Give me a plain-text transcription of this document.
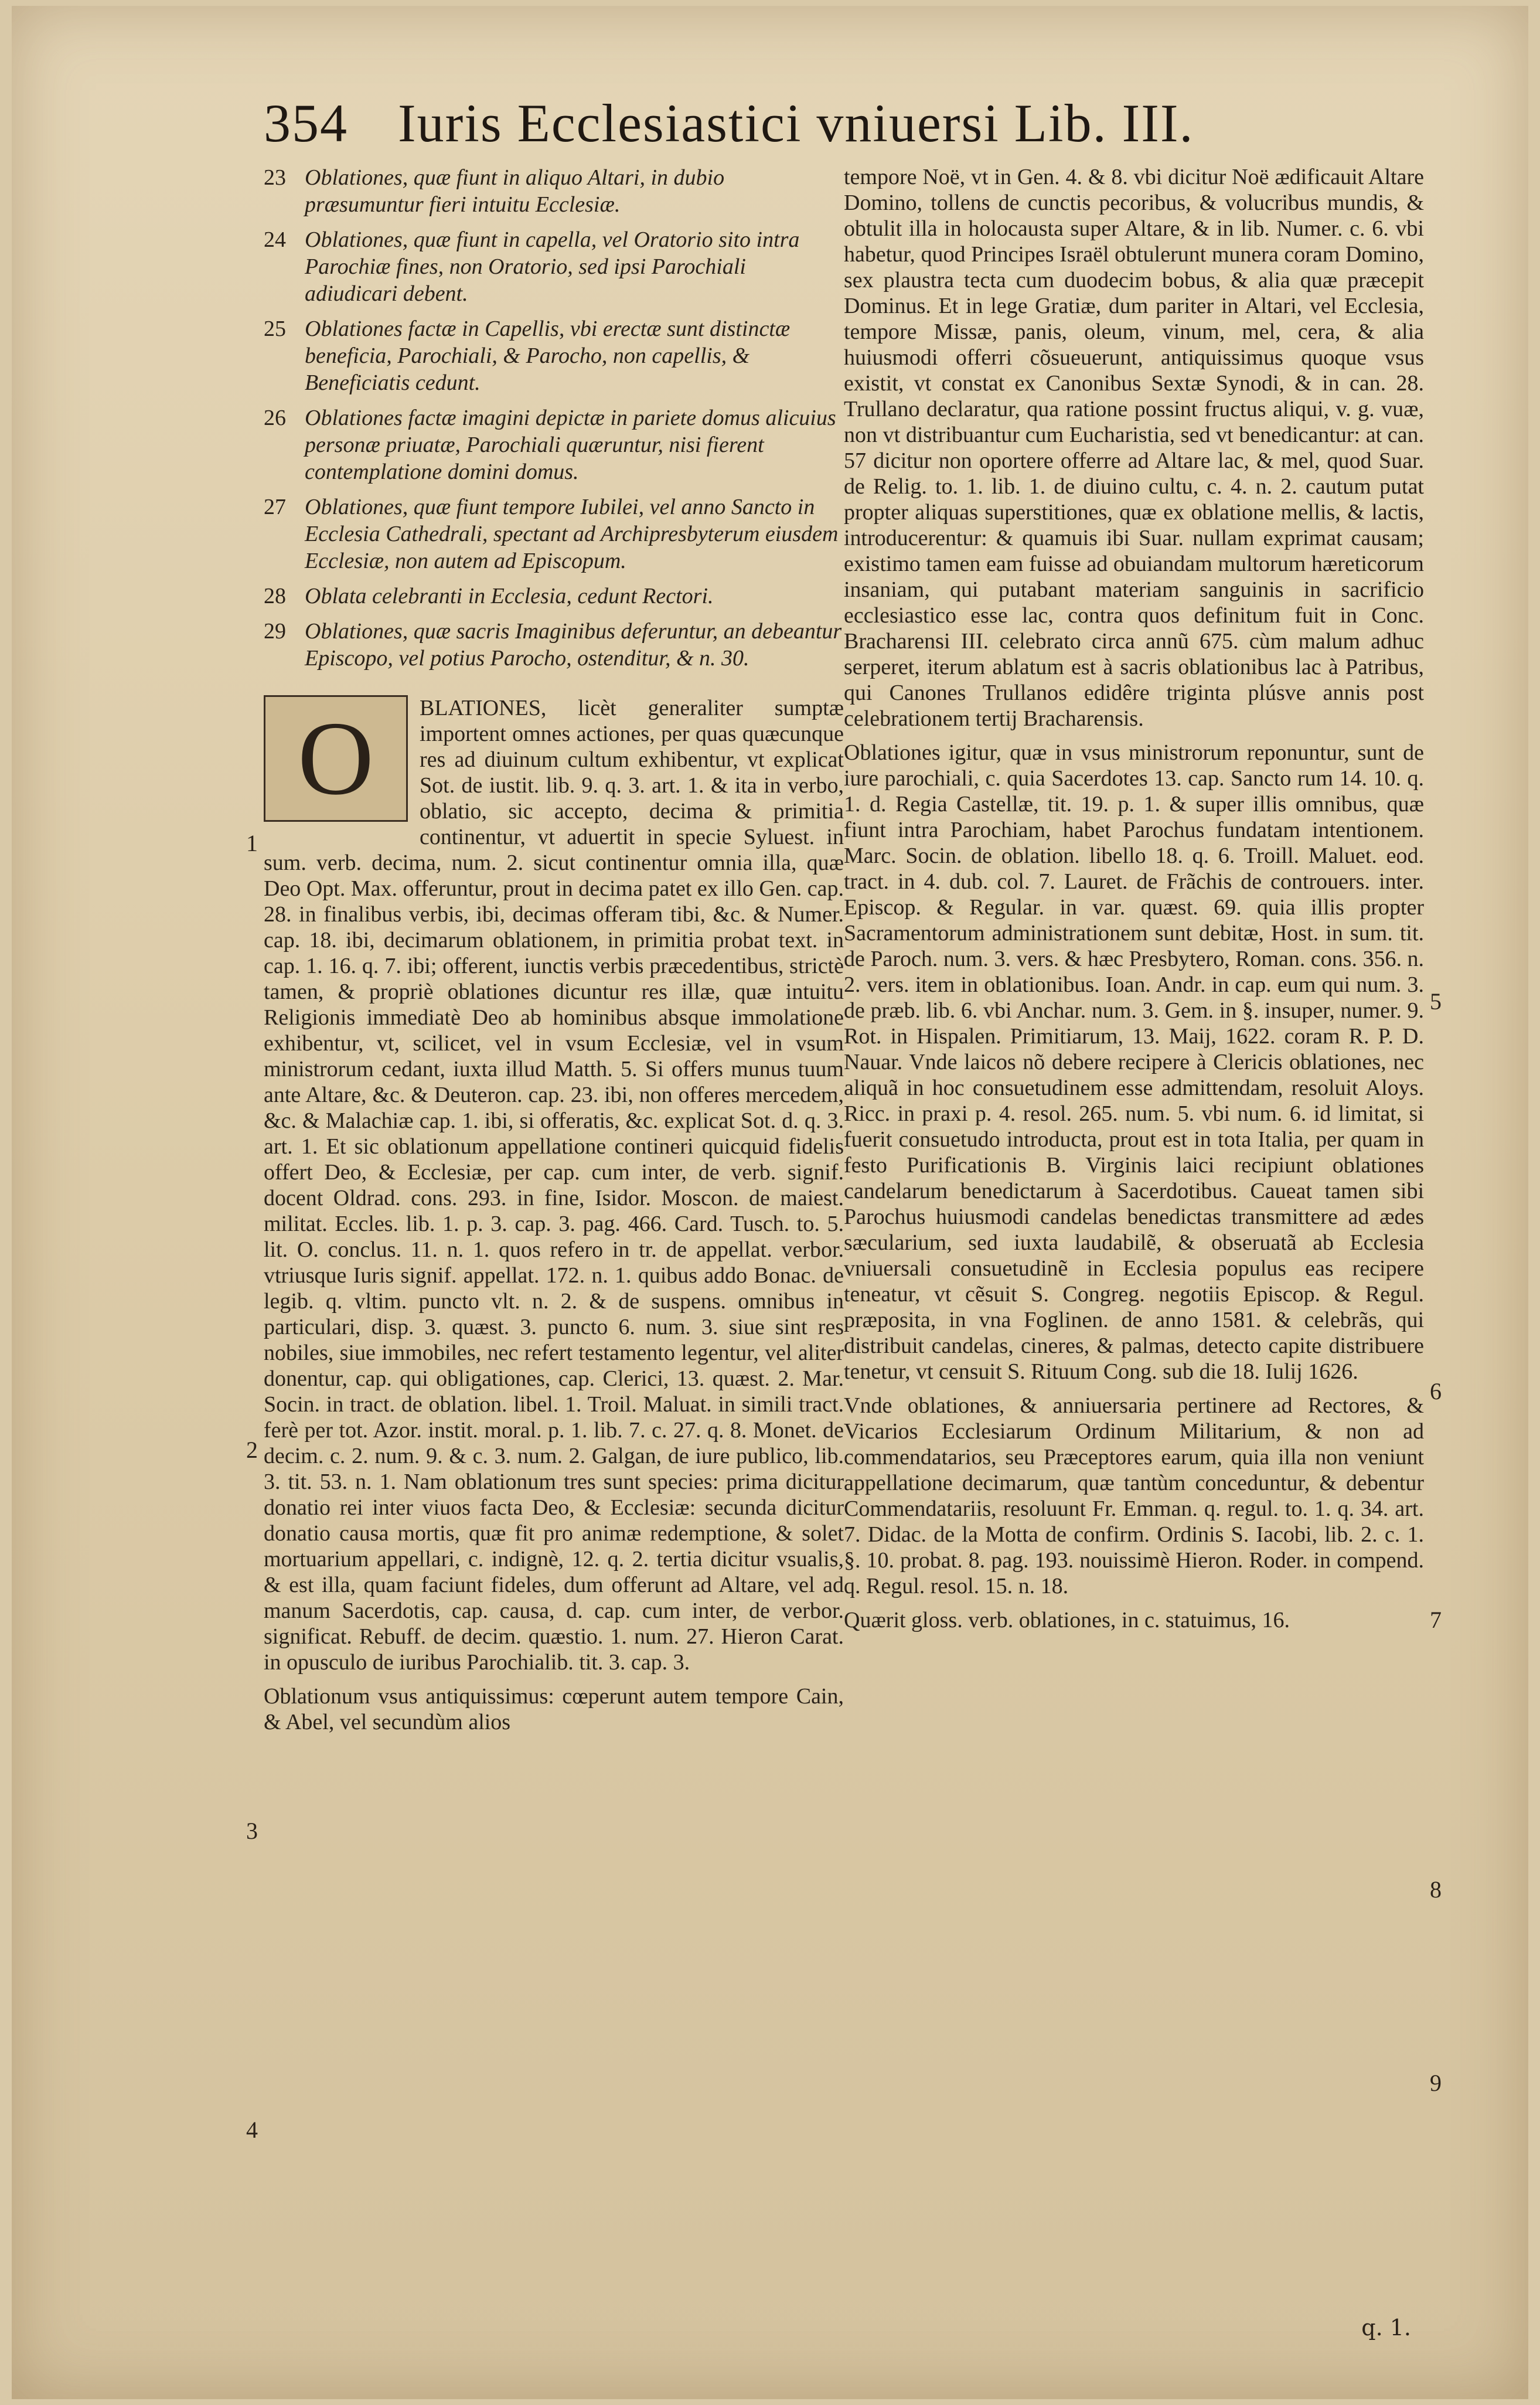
354 Iuris Ecclesiastici vniuersi Lib. III.
23 Oblationes, quæ fiunt in aliquo Altari, in dubio præsumuntur fieri intuitu Ecclesiæ.
24 Oblationes, quæ fiunt in capella, vel Oratorio sito intra Parochiæ fines, non Oratorio, sed ipsi Parochiali adiudicari debent.
25 Oblationes factæ in Capellis, vbi erectæ sunt distinctæ beneficia, Parochiali, & Parocho, non capellis, & Beneficiatis cedunt.
26 Oblationes factæ imagini depictæ in pariete domus alicuius personæ priuatæ, Parochiali quæruntur, nisi fierent contemplatione domini domus.
27 Oblationes, quæ fiunt tempore Iubilei, vel anno Sancto in Ecclesia Cathedrali, spectant ad Archipresbyterum eiusdem Ecclesiæ, non autem ad Episcopum.
28 Oblata celebranti in Ecclesia, cedunt Rectori.
29 Oblationes, quæ sacris Imaginibus deferuntur, an debeantur Episcopo, vel potius Parocho, ostenditur, & n. 30.
O	BLATIONES, licèt generaliter sumptæ importent omnes actiones, per quas quæcunque res ad diuinum cultum exhibentur, vt explicat Sot. de iustit. lib. 9. q. 3. art. 1. & ita in verbo, oblatio, sic accepto, decima & primitia continentur, vt aduertit in specie Syluest. in sum. verb. decima, num. 2. sicut continentur omnia illa, quæ Deo Opt. Max. offeruntur, prout in decima patet ex illo Gen. cap. 28. in finalibus verbis, ibi, decimas offeram tibi, &c. & Numer. cap. 18. ibi, decimarum oblationem, in primitia probat text. in cap. 1. 16. q. 7. ibi; offerent, iunctis verbis præcedentibus, strictè tamen, & propriè oblationes dicuntur res illæ, quæ intuitu Religionis immediatè Deo ab hominibus absque immolatione exhibentur, vt, scilicet, vel in vsum Ecclesiæ, vel in vsum ministrorum cedant, iuxta illud Matth. 5. Si offers munus tuum ante Altare, &c. & Deuteron. cap. 23. ibi, non offeres mercedem, &c. & Malachiæ cap. 1. ibi, si offeratis, &c. explicat Sot. d. q. 3. art. 1. Et sic oblationum appellatione contineri quicquid fidelis offert Deo, & Ecclesiæ, per cap. cum inter, de verb. signif. docent Oldrad. cons. 293. in fine, Isidor. Moscon. de maiest. militat. Eccles. lib. 1. p. 3. cap. 3. pag. 466. Card. Tusch. to. 5. lit. O. conclus. 11. n. 1. quos refero in tr. de appellat. verbor. vtriusque Iuris signif. appellat. 172. n. 1. quibus addo Bonac. de legib. q. vltim. puncto vlt. n. 2. & de suspens. omnibus in particulari, disp. 3. quæst. 3. puncto 6. num. 3. siue sint res nobiles, siue immobiles, nec refert testamento legentur, vel aliter donentur, cap. qui obligationes, cap. Clerici, 13. quæst. 2. Mar. Socin. in tract. de oblation. libel. 1. Troil. Maluat. in simili tract. ferè per tot. Azor. instit. moral. p. 1. lib. 7. c. 27. q. 8. Monet. de decim. c. 2. num. 9. & c. 3. num. 2. Galgan, de iure publico, lib. 3. tit. 53. n. 1. Nam oblationum tres sunt species: prima dicitur donatio rei inter viuos facta Deo, & Ecclesiæ: secunda dicitur donatio causa mortis, quæ fit pro animæ redemptione, & solet mortuarium appellari, c. indignè, 12. q. 2. tertia dicitur vsualis, & est illa, quam faciunt fideles, dum offerunt ad Altare, vel ad manum Sacerdotis, cap. causa, d. cap. cum inter, de verbor. significat. Rebuff. de decim. quæstio. 1. num. 27. Hieron Carat. in opusculo de iuribus Parochialib. tit. 3. cap. 3.

Oblationum vsus antiquissimus: cœperunt autem tempore Cain, & Abel, vel secundùm alios

tempore Noë, vt in Gen. 4. & 8. vbi dicitur Noë ædificauit Altare Domino, tollens de cunctis pecoribus, & volucribus mundis, & obtulit illa in holocausta super Altare, & in lib. Numer. c. 6. vbi habetur, quod Principes Israël obtulerunt munera coram Domino, sex plaustra tecta cum duodecim bobus, & alia quæ præcepit Dominus. Et in lege Gratiæ, dum pariter in Altari, vel Ecclesia, tempore Missæ, panis, oleum, vinum, mel, cera, & alia huiusmodi offerri cõsueuerunt, antiquissimus quoque vsus existit, vt constat ex Canonibus Sextæ Synodi, & in can. 28. Trullano declaratur, qua ratione possint fructus aliqui, v. g. vuæ, non vt distribuantur cum Eucharistia, sed vt benedicantur: at can. 57 dicitur non oportere offerre ad Altare lac, & mel, quod Suar. de Relig. to. 1. lib. 1. de diuino cultu, c. 4. n. 2. cautum putat propter aliquas superstitiones, quæ ex oblatione mellis, & lactis, introducerentur: & quamuis ibi Suar. nullam exprimat causam; existimo tamen eam fuisse ad obuiandam multorum hæreticorum insaniam, qui putabant materiam sanguinis in sacrificio ecclesiastico esse lac, contra quos definitum fuit in Conc. Bracharensi III. celebrato circa annũ 675. cùm malum adhuc serperet, iterum ablatum est à sacris oblationibus lac à Patribus, qui Canones Trullanos edidêre triginta plúsve annis post celebrationem tertij Bracharensis.

Oblationes igitur, quæ in vsus ministrorum reponuntur, sunt de iure parochiali, c. quia Sacerdotes 13. cap. Sancto rum 14. 10. q. 1. d. Regia Castellæ, tit. 19. p. 1. & super illis omnibus, quæ fiunt intra Parochiam, habet Parochus fundatam intentionem. Marc. Socin. de oblation. libello 18. q. 6. Troill. Maluet. eod. tract. in 4. dub. col. 7. Lauret. de Frãchis de controuers. inter. Episcop. & Regular. in var. quæst. 69. quia illis propter Sacramentorum administrationem sunt debitæ, Host. in sum. tit. de Paroch. num. 3. vers. & hæc Presbytero, Roman. cons. 356. n. 2. vers. item in oblationibus. Ioan. Andr. in cap. eum qui num. 3. de præb. lib. 6. vbi Anchar. num. 3. Gem. in §. insuper, numer. 9. Rot. in Hispalen. Primitiarum, 13. Maij, 1622. coram R. P. D. Nauar. Vnde laicos nõ debere recipere à Clericis oblationes, nec aliquã in hoc consuetudinem esse admittendam, resoluit Aloys. Ricc. in praxi p. 4. resol. 265. num. 5. vbi num. 6. id limitat, si fuerit consuetudo introducta, prout est in tota Italia, per quam in festo Purificationis B. Virginis laici recipiunt oblationes candelarum benedictarum à Sacerdotibus. Caueat tamen sibi Parochus huiusmodi candelas benedictas transmittere ad ædes sæcularium, sed iuxta laudabilẽ, & obseruatã ab Ecclesia vniuersali consuetudinẽ in Ecclesia populus eas recipere teneatur, vt cẽsuit S. Congreg. negotiis Episcop. & Regul. præposita, in vna Foglinen. de anno 1581. & celebrãs, qui distribuit candelas, cineres, & palmas, detecto capite distribuere tenetur, vt censuit S. Rituum Cong. sub die 18. Iulij 1626.

Vnde oblationes, & anniuersaria pertinere ad Rectores, & Vicarios Ecclesiarum Ordinum Militarium, & non ad commendatarios, seu Præceptores earum, quia illa non veniunt appellatione decimarum, quæ tantùm conceduntur, & debentur Commendatariis, resoluunt Fr. Emman. q. regul. to. 1. q. 34. art. 7. Didac. de la Motta de confirm. Ordinis S. Iacobi, lib. 2. c. 1. §. 10. probat. 8. pag. 193. nouissimè Hieron. Roder. in compend. q. Regul. resol. 15. n. 18.

Quærit gloss. verb. oblationes, in c. statuimus, 16.

1
2
3
4
5
6
7
8
9
q. 1.
